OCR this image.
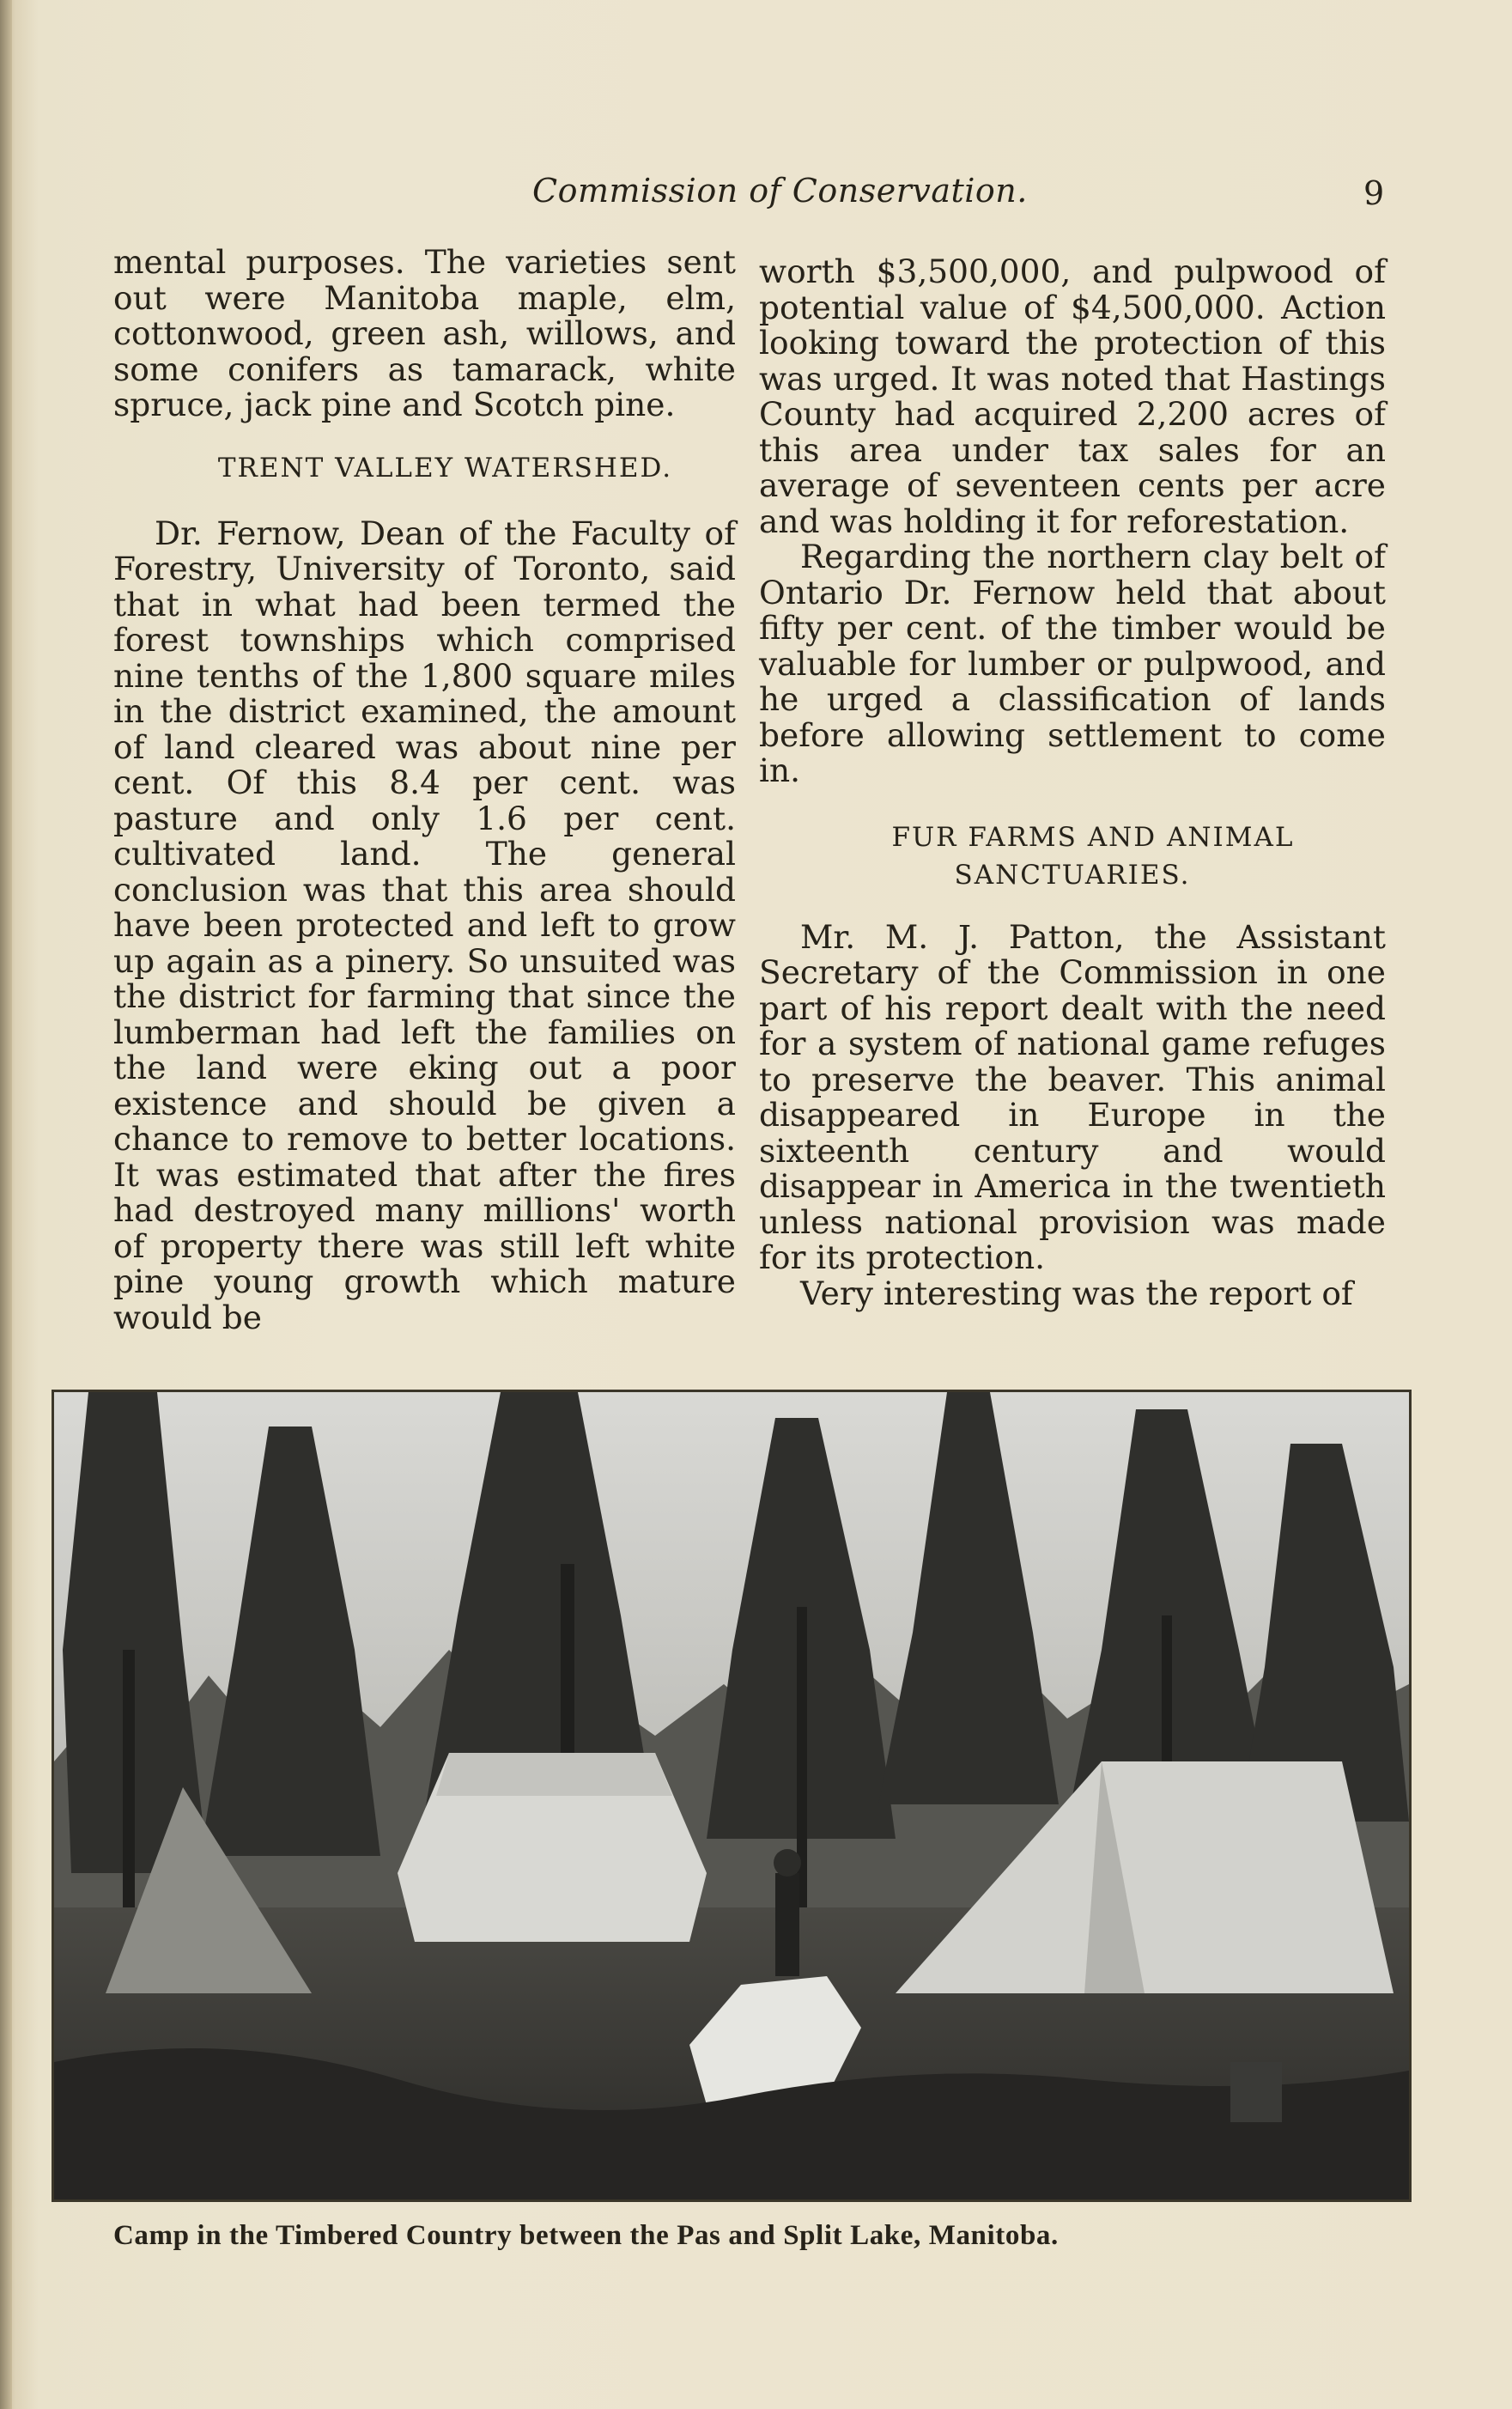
Commission of Conservation.	9

mental purposes. The varieties sent out were Manitoba maple, elm, cottonwood, green ash, willows, and some conifers as tamarack, white spruce, jack pine and Scotch pine.

TRENT VALLEY WATERSHED.

Dr. Fernow, Dean of the Faculty of Forestry, University of Toronto, said that in what had been termed the forest townships which comprised nine tenths of the 1,800 square miles in the district examined, the amount of land cleared was about nine per cent. Of this 8.4 per cent. was pasture and only 1.6 per cent. cultivated land. The general conclusion was that this area should have been protected and left to grow up again as a pinery. So unsuited was the district for farming that since the lumberman had left the families on the land were eking out a poor existence and should be given a chance to remove to better locations. It was estimated that after the fires had destroyed many millions' worth of property there was still left white pine young growth which mature would be

worth $3,500,000, and pulpwood of potential value of $4,500,000. Action looking toward the protection of this was urged. It was noted that Hastings County had acquired 2,200 acres of this area under tax sales for an average of seventeen cents per acre and was holding it for reforestation.

Regarding the northern clay belt of Ontario Dr. Fernow held that about fifty per cent. of the timber would be valuable for lumber or pulpwood, and he urged a classification of lands before allowing settlement to come in.

FUR FARMS AND ANIMAL SANCTUARIES.

Mr. M. J. Patton, the Assistant Secretary of the Commission in one part of his report dealt with the need for a system of national game refuges to preserve the beaver. This animal disappeared in Europe in the sixteenth century and would disappear in America in the twentieth unless national provision was made for its protection.

Very interesting was the report of

Camp in the Timbered Country between the Pas and Split Lake, Manitoba.
